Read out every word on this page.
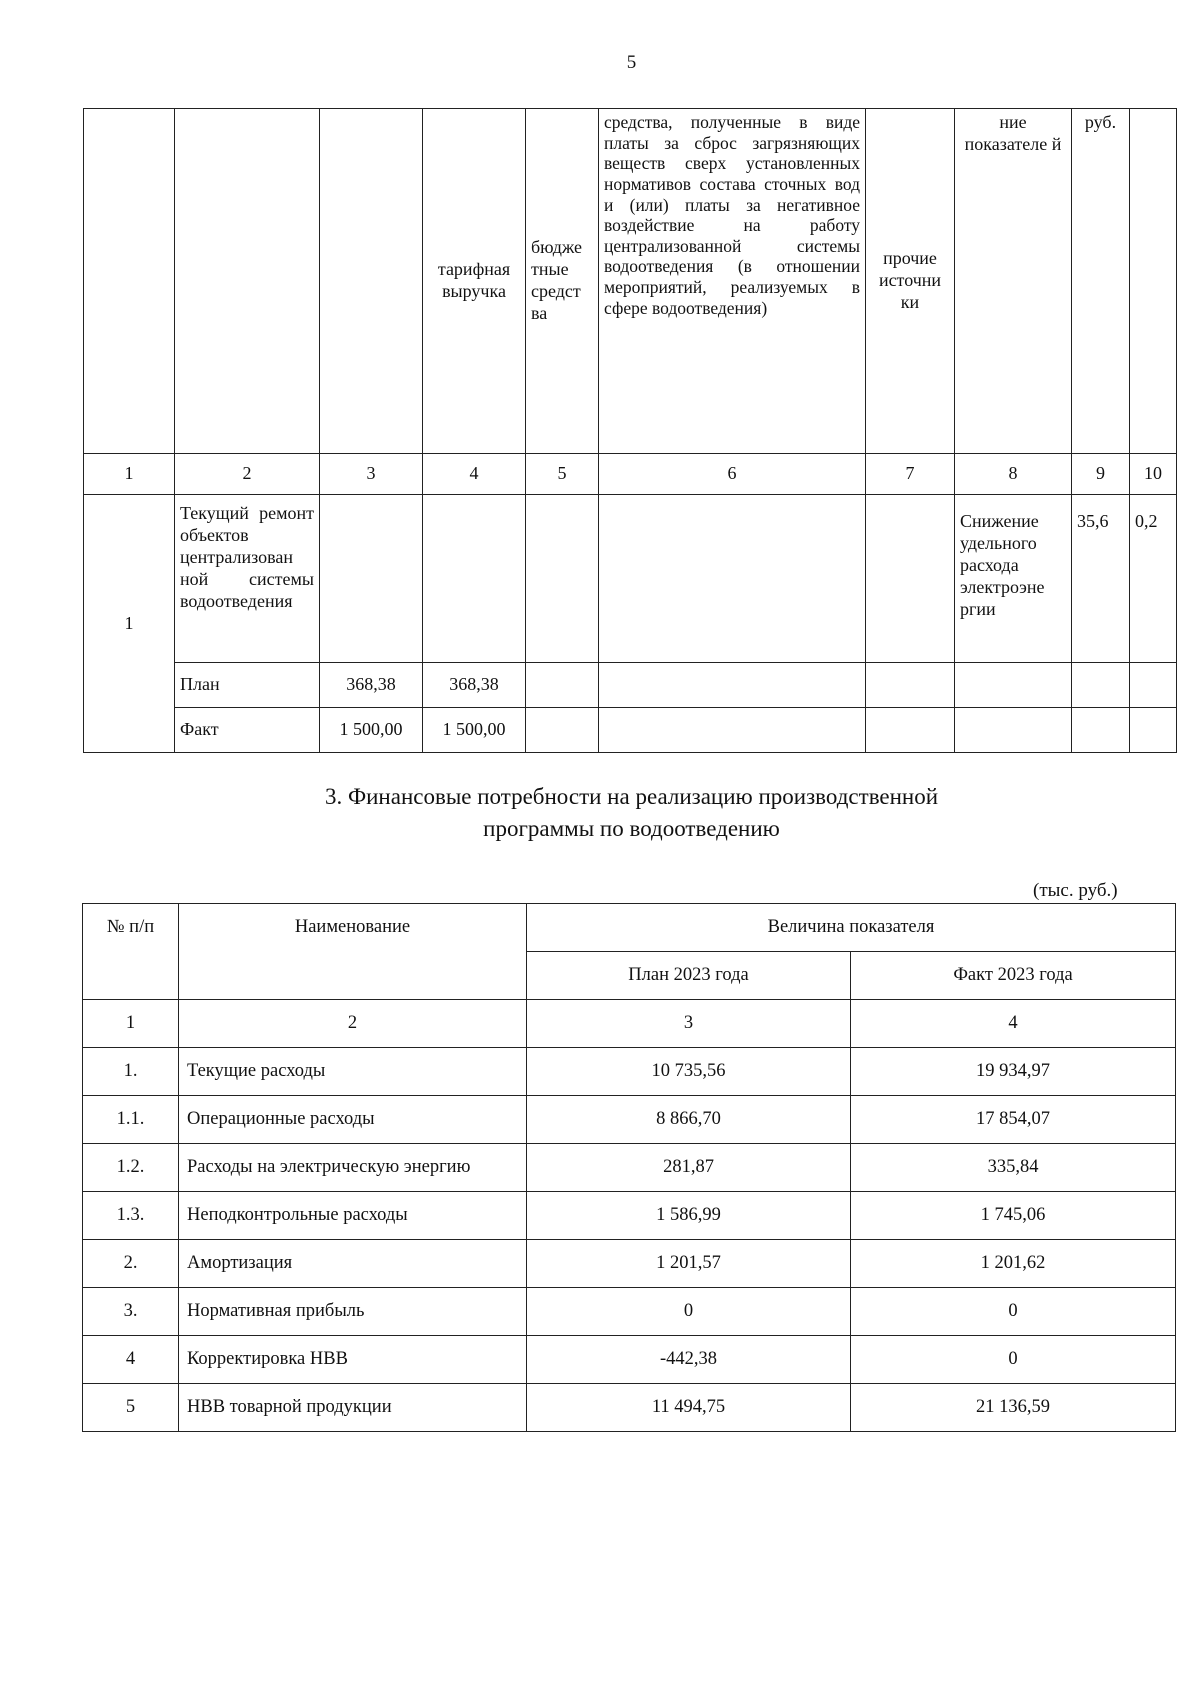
5
			тарифная выручка	бюдже тные средст ва	средства, полученные в виде платы за сброс загрязняющих веществ сверх установленных нормативов состава сточных вод и (или) платы за негативное воздействие на работу централизованной системы водоотведения (в отношении мероприятий, реализуемых в сфере водоотведения)	прочие источни ки	ние показателе й	руб.	
1	2	3	4	5	6	7	8	9	10
1	Текущий ремонт объектов централизован ной системы водоотведения						Снижение удельного расхода электроэне ргии	35,6	0,2
	План	368,38	368,38						
	Факт	1 500,00	1 500,00						
3. Финансовые потребности на реализацию производственной
программы по водоотведению
(тыс. руб.)
№ п/п	Наименование	Величина показателя	
		План 2023 года	Факт 2023 года
1	2	3	4
1.	Текущие расходы	10 735,56	19 934,97
1.1.	Операционные расходы	8 866,70	17 854,07
1.2.	Расходы на электрическую энергию	281,87	335,84
1.3.	Неподконтрольные расходы	1 586,99	1 745,06
2.	Амортизация	1 201,57	1 201,62
3.	Нормативная прибыль	0	0
4	Корректировка НВВ	-442,38	0
5	НВВ товарной продукции	11 494,75	21 136,59
